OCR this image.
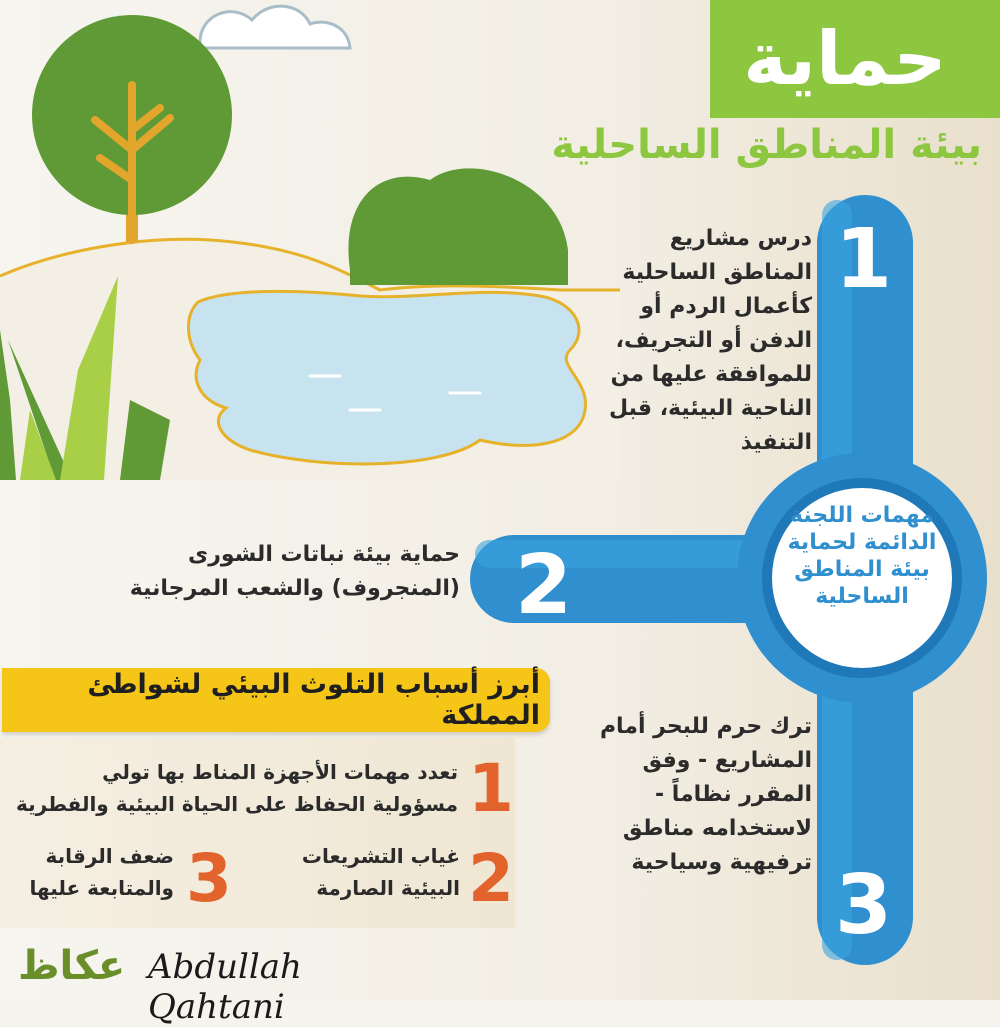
حماية
بيئة المناطق الساحلية
1
2
3
مهمات اللجنة الدائمة لحماية بيئة المناطق الساحلية
درس مشاريع المناطق الساحلية كأعمال الردم أو الدفن أو التجريف، للموافقة عليها من الناحية البيئية، قبل التنفيذ
حماية بيئة نباتات الشورى (المنجروف) والشعب المرجانية
ترك حرم للبحر أمام المشاريع - وفق المقرر نظاماً - لاستخدامه مناطق ترفيهية وسياحية
أبرز أسباب التلوث البيئي لشواطئ المملكة
1
تعدد مهمات الأجهزة المناط بها تولي مسؤولية الحفاظ على الحياة البيئية والفطرية
2
غياب التشريعات البيئية الصارمة
3
ضعف الرقابة والمتابعة عليها
عكاظ Abdullah Qahtani
